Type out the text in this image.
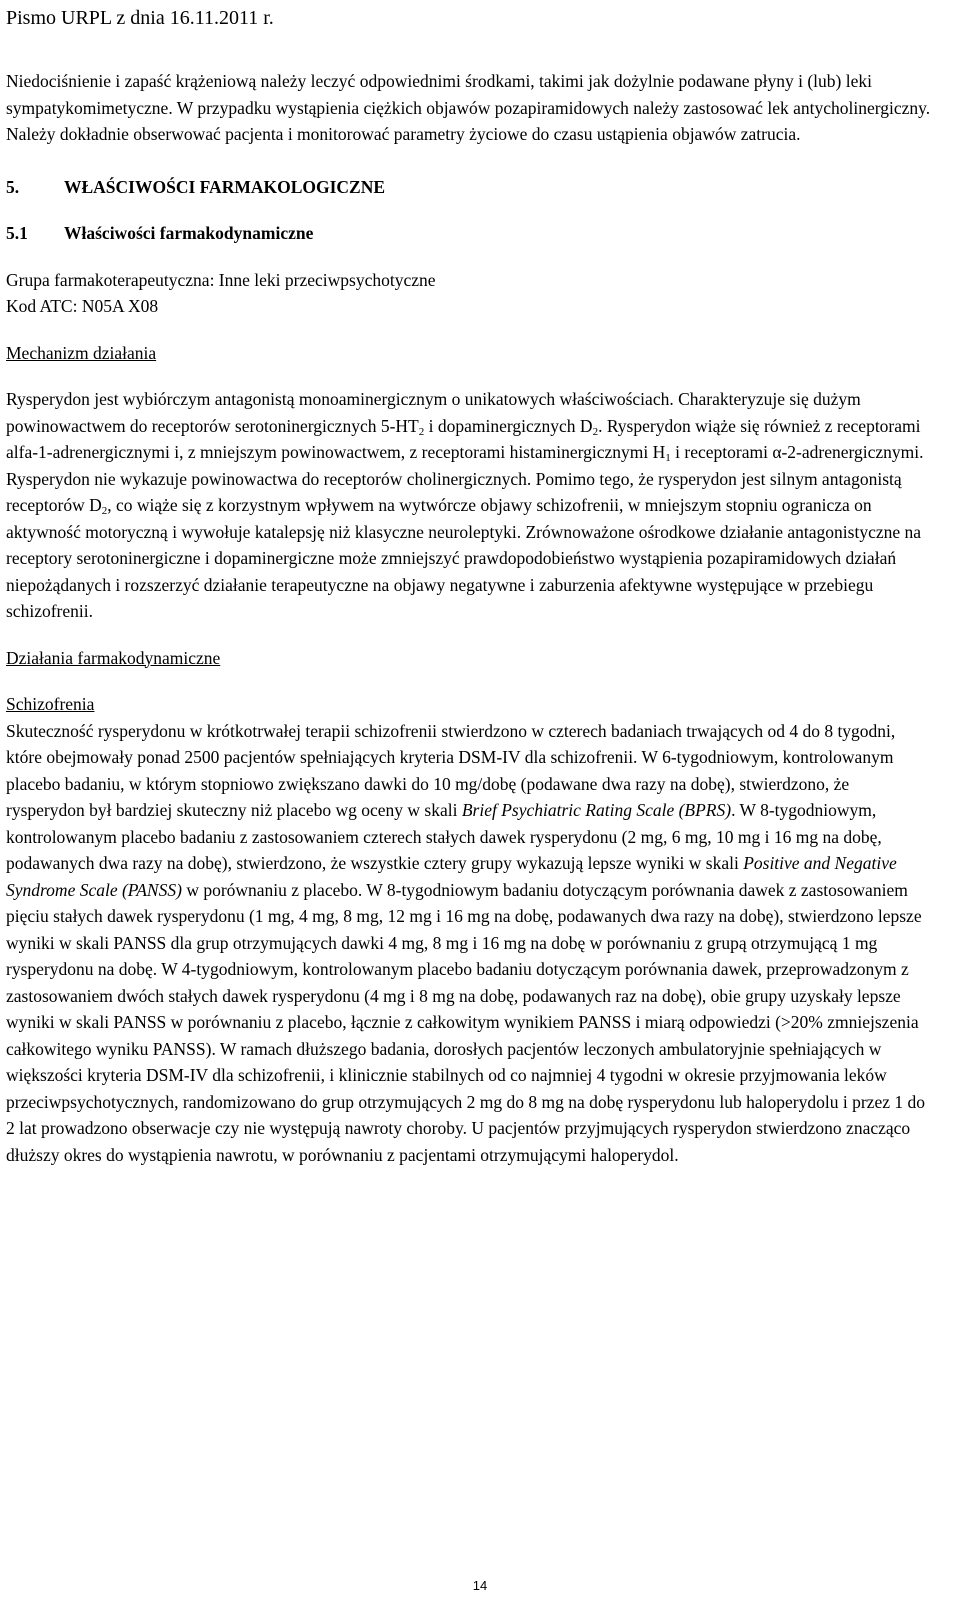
Pismo URPL z dnia 16.11.2011 r.

Niedociśnienie i zapaść krążeniową należy leczyć odpowiednimi środkami, takimi jak dożylnie podawane płyny i (lub) leki sympatykomimetyczne. W przypadku wystąpienia ciężkich objawów pozapiramidowych należy zastosować lek antycholinergiczny. Należy dokładnie obserwować pacjenta i monitorować parametry życiowe do czasu ustąpienia objawów zatrucia.

5.	WŁAŚCIWOŚCI FARMAKOLOGICZNE
5.1	Właściwości farmakodynamiczne

Grupa farmakoterapeutyczna: Inne leki przeciwpsychotyczne

Kod ATC: N05A X08

Mechanizm działania

Rysperydon jest wybiórczym antagonistą monoaminergicznym o unikatowych właściwościach. Charakteryzuje się dużym powinowactwem do receptorów serotoninergicznych $5-HT_2$ i dopaminergicznych $D_2$. Rysperydon wiąże się również z receptorami alfa-1-adrenergicznymi i, z mniejszym powinowactwem, z receptorami histaminergicznymi $H_1$ i receptorami α-2-adrenergicznymi. Rysperydon nie wykazuje powinowactwa do receptorów cholinergicznych. Pomimo tego, że rysperydon jest silnym antagonistą receptorów $D_2$, co wiąże się z korzystnym wpływem na wytwórcze objawy schizofrenii, w mniejszym stopniu ogranicza on aktywność motoryczną i wywołuje katalepsję niż klasyczne neuroleptyki. Zrównoważone ośrodkowe działanie antagonistyczne na receptory serotoninergiczne i dopaminergiczne może zmniejszyć prawdopodobieństwo wystąpienia pozapiramidowych działań niepożądanych i rozszerzyć działanie terapeutyczne na objawy negatywne i zaburzenia afektywne występujące w przebiegu schizofrenii.

Działania farmakodynamiczne

Schizofrenia

Skuteczność rysperydonu w krótkotrwałej terapii schizofrenii stwierdzono w czterech badaniach trwających od 4 do 8 tygodni, które obejmowały ponad 2500 pacjentów spełniających kryteria DSM-IV dla schizofrenii. W 6-tygodniowym, kontrolowanym placebo badaniu, w którym stopniowo zwiększano dawki do 10 mg/dobę (podawane dwa razy na dobę), stwierdzono, że rysperydon był bardziej skuteczny niż placebo wg oceny w skali Brief Psychiatric Rating Scale (BPRS). W 8-tygodniowym, kontrolowanym placebo badaniu z zastosowaniem czterech stałych dawek rysperydonu (2 mg, 6 mg, 10 mg i 16 mg na dobę, podawanych dwa razy na dobę), stwierdzono, że wszystkie cztery grupy wykazują lepsze wyniki w skali Positive and Negative Syndrome Scale (PANSS) w porównaniu z placebo. W 8-tygodniowym badaniu dotyczącym porównania dawek z zastosowaniem pięciu stałych dawek rysperydonu (1 mg, 4 mg, 8 mg, 12 mg i 16 mg na dobę, podawanych dwa razy na dobę), stwierdzono lepsze wyniki w skali PANSS dla grup otrzymujących dawki 4 mg, 8 mg i 16 mg na dobę w porównaniu z grupą otrzymującą 1 mg rysperydonu na dobę. W 4-tygodniowym, kontrolowanym placebo badaniu dotyczącym porównania dawek, przeprowadzonym z zastosowaniem dwóch stałych dawek rysperydonu (4 mg i 8 mg na dobę, podawanych raz na dobę), obie grupy uzyskały lepsze wyniki w skali PANSS w porównaniu z placebo, łącznie z całkowitym wynikiem PANSS i miarą odpowiedzi (>20% zmniejszenia całkowitego wyniku PANSS). W ramach dłuższego badania, dorosłych pacjentów leczonych ambulatoryjnie spełniających w większości kryteria DSM-IV dla schizofrenii, i klinicznie stabilnych od co najmniej 4 tygodni w okresie przyjmowania leków przeciwpsychotycznych, randomizowano do grup otrzymujących 2 mg do 8 mg na dobę rysperydonu lub haloperydolu i przez 1 do 2 lat prowadzono obserwacje czy nie występują nawroty choroby. U pacjentów przyjmujących rysperydon stwierdzono znacząco dłuższy okres do wystąpienia nawrotu, w porównaniu z pacjentami otrzymującymi haloperydol.

14
